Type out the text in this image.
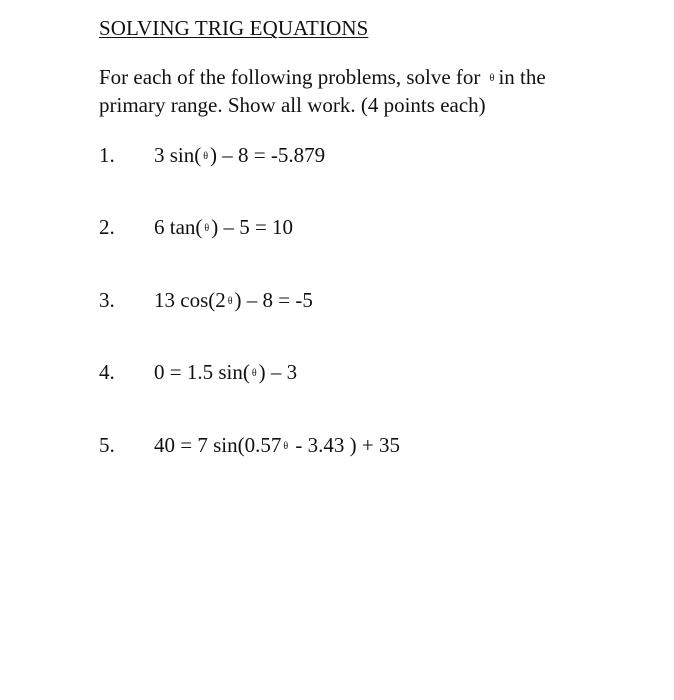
SOLVING TRIG EQUATIONS
For each of the following problems, solve for θ in the
primary range. Show all work. (4 points each)
1. 3 sin( θ) – 8 = -5.879
2. 6 tan( θ) – 5 = 10
3. 13 cos(2 θ) – 8 = -5
4. 0 = 1.5 sin( θ) – 3
5. 40 = 7 sin(0.57 θ - 3.43 ) + 35
